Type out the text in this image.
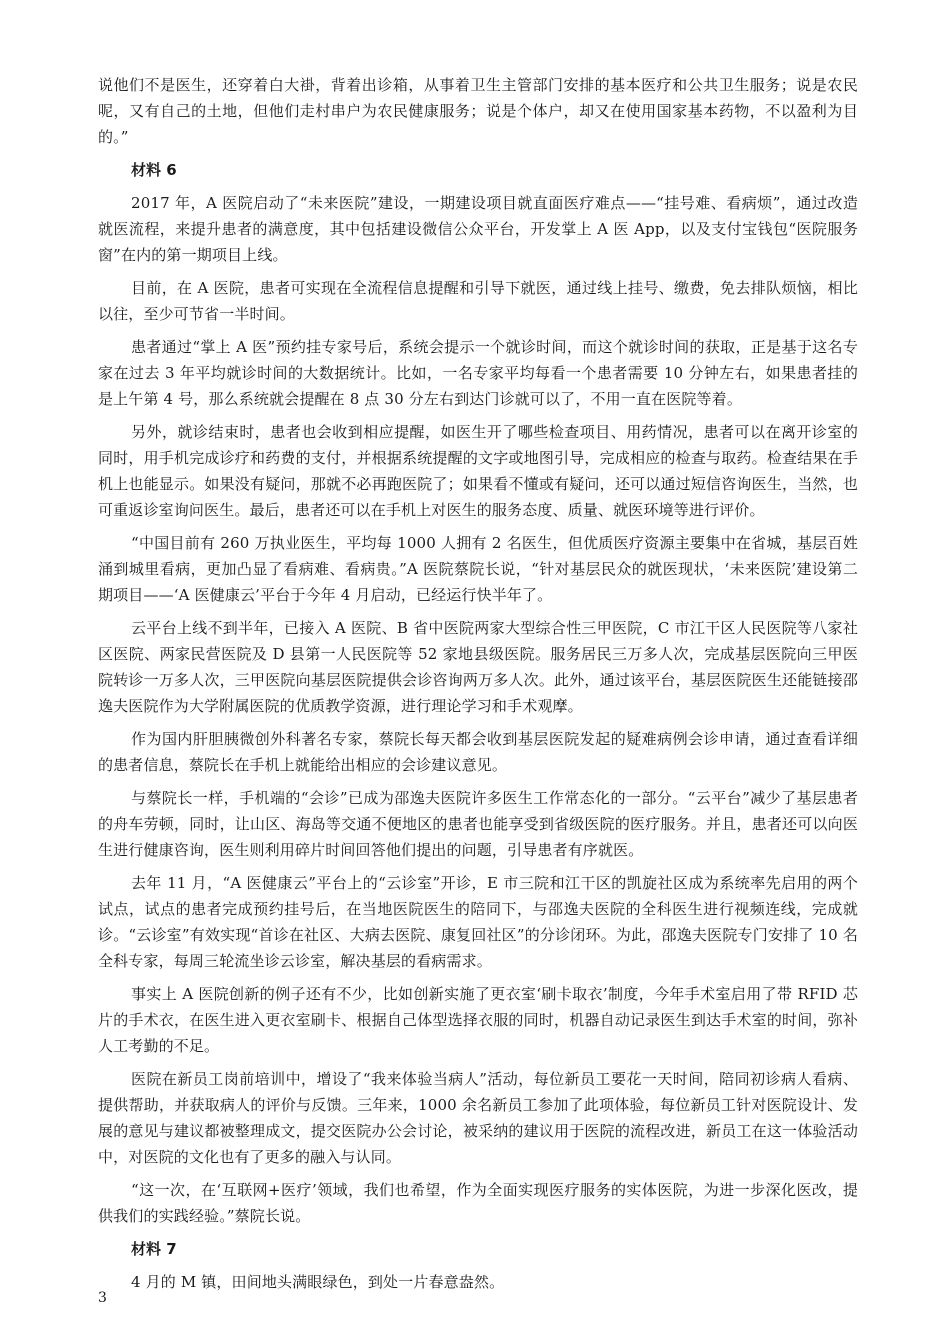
说他们不是医生，还穿着白大褂，背着出诊箱，从事着卫生主管部门安排的基本医疗和公共卫生服务；说是农民呢，又有自己的土地，但他们走村串户为农民健康服务；说是个体户，却又在使用国家基本药物，不以盈利为目的。”

材料 6

2017 年，A 医院启动了“未来医院”建设，一期建设项目就直面医疗难点——“挂号难、看病烦”，通过改造就医流程，来提升患者的满意度，其中包括建设微信公众平台，开发掌上 A 医 App，以及支付宝钱包“医院服务窗”在内的第一期项目上线。

目前，在 A 医院，患者可实现在全流程信息提醒和引导下就医，通过线上挂号、缴费，免去排队烦恼，相比以往，至少可节省一半时间。

患者通过“掌上 A 医”预约挂专家号后，系统会提示一个就诊时间，而这个就诊时间的获取，正是基于这名专家在过去 3 年平均就诊时间的大数据统计。比如，一名专家平均每看一个患者需要 10 分钟左右，如果患者挂的是上午第 4 号，那么系统就会提醒在 8 点 30 分左右到达门诊就可以了，不用一直在医院等着。

另外，就诊结束时，患者也会收到相应提醒，如医生开了哪些检查项目、用药情况，患者可以在离开诊室的同时，用手机完成诊疗和药费的支付，并根据系统提醒的文字或地图引导，完成相应的检查与取药。检查结果在手机上也能显示。如果没有疑问，那就不必再跑医院了；如果看不懂或有疑问，还可以通过短信咨询医生，当然，也可重返诊室询问医生。最后，患者还可以在手机上对医生的服务态度、质量、就医环境等进行评价。

“中国目前有 260 万执业医生，平均每 1000 人拥有 2 名医生，但优质医疗资源主要集中在省城，基层百姓涌到城里看病，更加凸显了看病难、看病贵。”A 医院蔡院长说，“针对基层民众的就医现状，‘未来医院’建设第二期项目——‘A 医健康云’平台于今年 4 月启动，已经运行快半年了。

云平台上线不到半年，已接入 A 医院、B 省中医院两家大型综合性三甲医院，C 市江干区人民医院等八家社区医院、两家民营医院及 D 县第一人民医院等 52 家地县级医院。服务居民三万多人次，完成基层医院向三甲医院转诊一万多人次，三甲医院向基层医院提供会诊咨询两万多人次。此外，通过该平台，基层医院医生还能链接邵逸夫医院作为大学附属医院的优质教学资源，进行理论学习和手术观摩。

作为国内肝胆胰微创外科著名专家，蔡院长每天都会收到基层医院发起的疑难病例会诊申请，通过查看详细的患者信息，蔡院长在手机上就能给出相应的会诊建议意见。

与蔡院长一样，手机端的“会诊”已成为邵逸夫医院许多医生工作常态化的一部分。“云平台”减少了基层患者的舟车劳顿，同时，让山区、海岛等交通不便地区的患者也能享受到省级医院的医疗服务。并且，患者还可以向医生进行健康咨询，医生则利用碎片时间回答他们提出的问题，引导患者有序就医。

去年 11 月，“A 医健康云”平台上的“云诊室”开诊，E 市三院和江干区的凯旋社区成为系统率先启用的两个试点，试点的患者完成预约挂号后，在当地医院医生的陪同下，与邵逸夫医院的全科医生进行视频连线，完成就诊。“云诊室”有效实现“首诊在社区、大病去医院、康复回社区”的分诊闭环。为此，邵逸夫医院专门安排了 10 名全科专家，每周三轮流坐诊云诊室，解决基层的看病需求。

事实上 A 医院创新的例子还有不少，比如创新实施了更衣室‘刷卡取衣’制度，今年手术室启用了带 RFID 芯片的手术衣，在医生进入更衣室刷卡、根据自己体型选择衣服的同时，机器自动记录医生到达手术室的时间，弥补人工考勤的不足。

医院在新员工岗前培训中，增设了“我来体验当病人”活动，每位新员工要花一天时间，陪同初诊病人看病、提供帮助，并获取病人的评价与反馈。三年来，1000 余名新员工参加了此项体验，每位新员工针对医院设计、发展的意见与建议都被整理成文，提交医院办公会讨论，被采纳的建议用于医院的流程改进，新员工在这一体验活动中，对医院的文化也有了更多的融入与认同。

“这一次，在‘互联网+医疗’领域，我们也希望，作为全面实现医疗服务的实体医院，为进一步深化医改，提供我们的实践经验。”蔡院长说。

材料 7

4 月的 M 镇，田间地头满眼绿色，到处一片春意盎然。

3
